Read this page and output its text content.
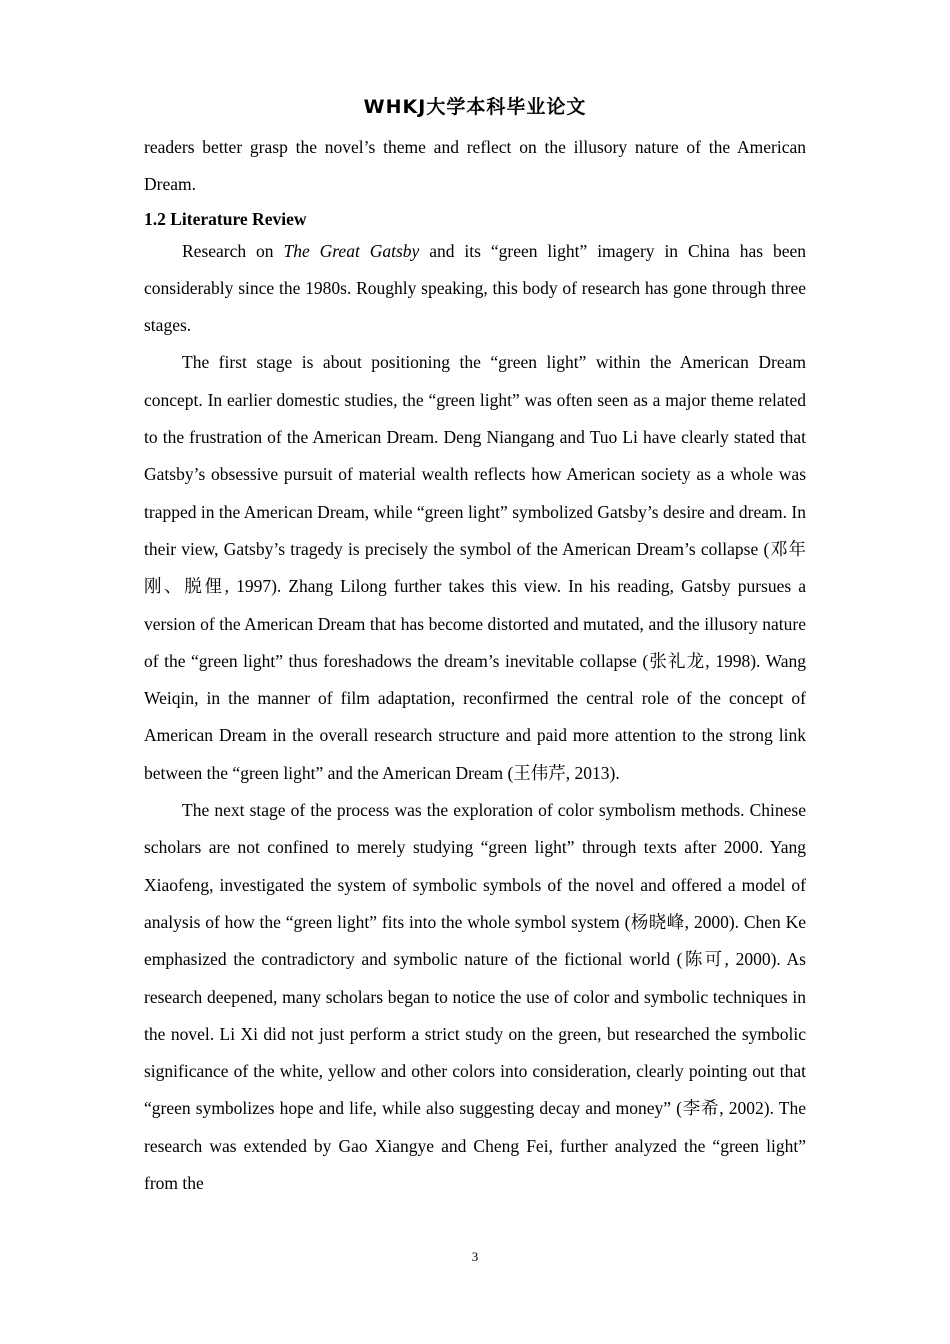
WHKJ大学本科毕业论文

readers better grasp the novel’s theme and reflect on the illusory nature of the American Dream.

1.2 Literature Review

Research on The Great Gatsby and its “green light” imagery in China has been considerably since the 1980s. Roughly speaking, this body of research has gone through three stages.

The first stage is about positioning the “green light” within the American Dream concept. In earlier domestic studies, the “green light” was often seen as a major theme related to the frustration of the American Dream. Deng Niangang and Tuo Li have clearly stated that Gatsby’s obsessive pursuit of material wealth reflects how American society as a whole was trapped in the American Dream, while “green light” symbolized Gatsby’s desire and dream. In their view, Gatsby’s tragedy is precisely the symbol of the American Dream’s collapse (邓年刚、脱俚, 1997). Zhang Lilong further takes this view. In his reading, Gatsby pursues a version of the American Dream that has become distorted and mutated, and the illusory nature of the “green light” thus foreshadows the dream’s inevitable collapse (张礼龙, 1998). Wang Weiqin, in the manner of film adaptation, reconfirmed the central role of the concept of American Dream in the overall research structure and paid more attention to the strong link between the “green light” and the American Dream (王伟芹, 2013).

The next stage of the process was the exploration of color symbolism methods. Chinese scholars are not confined to merely studying “green light” through texts after 2000. Yang Xiaofeng, investigated the system of symbolic symbols of the novel and offered a model of analysis of how the “green light” fits into the whole symbol system (杨晓峰, 2000). Chen Ke emphasized the contradictory and symbolic nature of the fictional world (陈可, 2000). As research deepened, many scholars began to notice the use of color and symbolic techniques in the novel. Li Xi did not just perform a strict study on the green, but researched the symbolic significance of the white, yellow and other colors into consideration, clearly pointing out that “green symbolizes hope and life, while also suggesting decay and money” (李希, 2002). The research was extended by Gao Xiangye and Cheng Fei, further analyzed the “green light” from the

3
